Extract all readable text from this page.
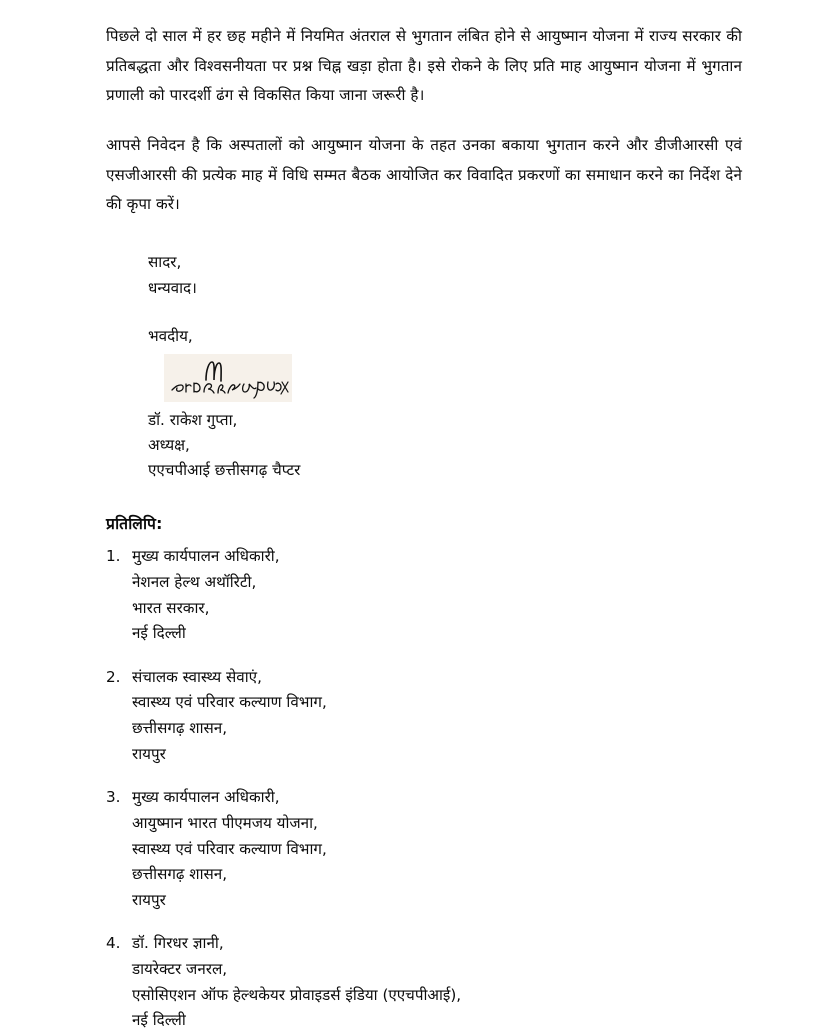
पिछले दो साल में हर छह महीने में नियमित अंतराल से भुगतान लंबित होने से आयुष्मान योजना में राज्य सरकार की प्रतिबद्धता और विश्वसनीयता पर प्रश्न चिह्न खड़ा होता है। इसे रोकने के लिए प्रति माह आयुष्मान योजना में भुगतान प्रणाली को पारदर्शी ढंग से विकसित किया जाना जरूरी है।

आपसे निवेदन है कि अस्पतालों को आयुष्मान योजना के तहत उनका बकाया भुगतान करने और डीजीआरसी एवं एसजीआरसी की प्रत्येक माह में विधि सम्मत बैठक आयोजित कर विवादित प्रकरणों का समाधान करने का निर्देश देने की कृपा करें।

सादर,
धन्यवाद।
भवदीय,
डॉ. राकेश गुप्ता,
अध्यक्ष,
एएचपीआई छत्तीसगढ़ चैप्टर
प्रतिलिपि:
1. मुख्य कार्यपालन अधिकारी,
नेशनल हेल्थ अथॉरिटी,
भारत सरकार,
नई दिल्ली
2. संचालक स्वास्थ्य सेवाएं,
स्वास्थ्य एवं परिवार कल्याण विभाग,
छत्तीसगढ़ शासन,
रायपुर
3. मुख्य कार्यपालन अधिकारी,
आयुष्मान भारत पीएमजय योजना,
स्वास्थ्य एवं परिवार कल्याण विभाग,
छत्तीसगढ़ शासन,
रायपुर
4. डॉ. गिरधर ज्ञानी,
डायरेक्टर जनरल,
एसोसिएशन ऑफ हेल्थकेयर प्रोवाइडर्स इंडिया (एएचपीआई),
नई दिल्ली
